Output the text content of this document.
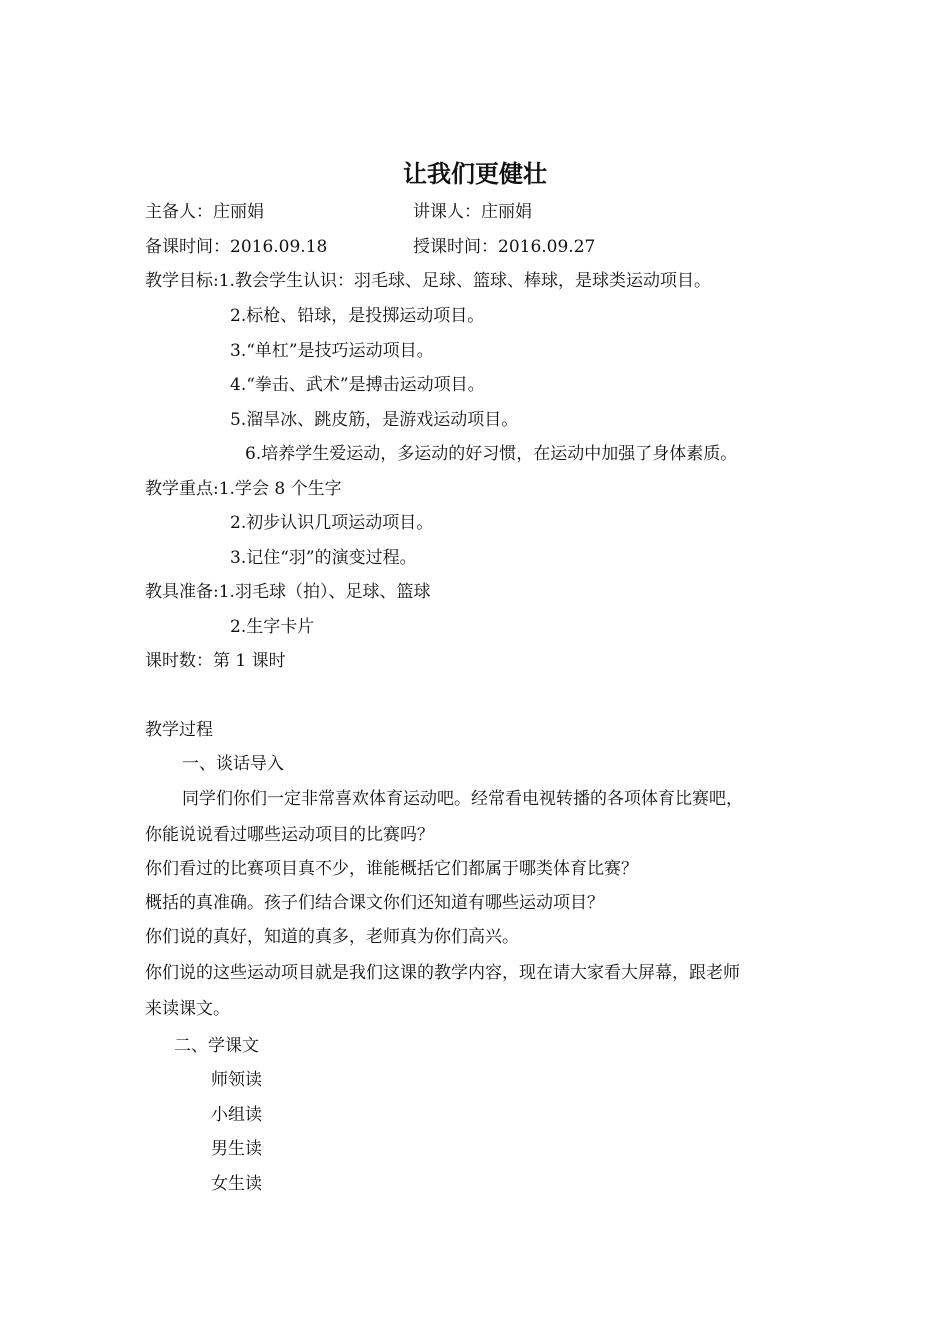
让我们更健壮
主备人：庄丽娟	讲课人：庄丽娟
备课时间：2016.09.18	授课时间：2016.09.27
教学目标:1.教会学生认识：羽毛球、足球、篮球、棒球，是球类运动项目。
2.标枪、铅球，是投掷运动项目。
3.“单杠”是技巧运动项目。
4.“拳击、武术”是搏击运动项目。
5.溜旱冰、跳皮筋，是游戏运动项目。
6.培养学生爱运动，多运动的好习惯，在运动中加强了身体素质。
教学重点:1.学会 8 个生字
2.初步认识几项运动项目。
3.记住“羽”的演变过程。
教具准备:1.羽毛球（拍）、足球、篮球
2.生字卡片
课时数：第 1 课时
教学过程
一、谈话导入
同学们你们一定非常喜欢体育运动吧。经常看电视转播的各项体育比赛吧，
你能说说看过哪些运动项目的比赛吗？
你们看过的比赛项目真不少，谁能概括它们都属于哪类体育比赛？
概括的真准确。孩子们结合课文你们还知道有哪些运动项目？
你们说的真好，知道的真多，老师真为你们高兴。
你们说的这些运动项目就是我们这课的教学内容，现在请大家看大屏幕，跟老师
来读课文。
二、学课文
师领读
小组读
男生读
女生读
